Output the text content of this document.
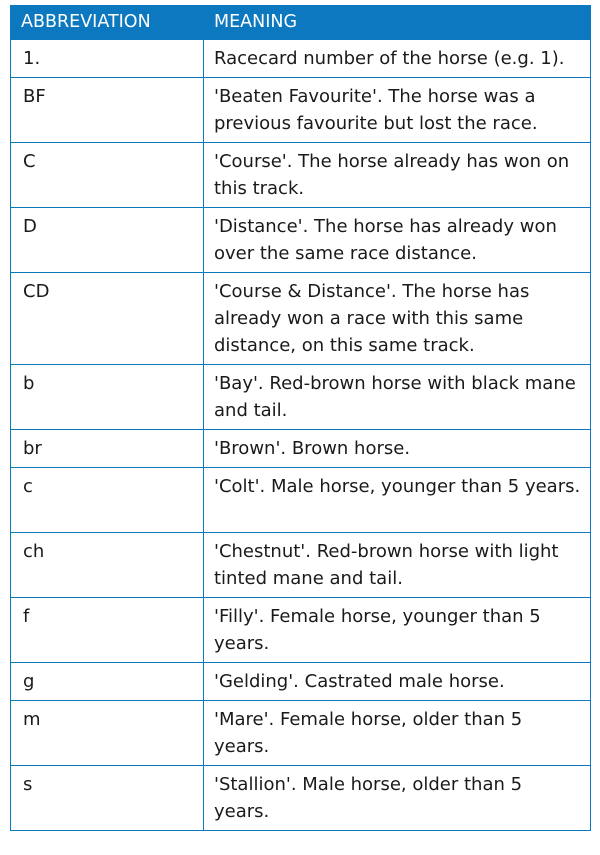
ABBREVIATION	MEANING
1.	Racecard number of the horse (e.g. 1).
BF	'Beaten Favourite'. The horse was a previous favourite but lost the race.
C	'Course'. The horse already has won on this track.
D	'Distance'. The horse has already won over the same race distance.
CD	'Course & Distance'. The horse has already won a race with this same distance, on this same track.
b	'Bay'. Red-brown horse with black mane and tail.
br	'Brown'. Brown horse.
c	'Colt'. Male horse, younger than 5 years.
ch	'Chestnut'. Red-brown horse with light tinted mane and tail.
f	'Filly'. Female horse, younger than 5 years.
g	'Gelding'. Castrated male horse.
m	'Mare'. Female horse, older than 5 years.
s	'Stallion'. Male horse, older than 5 years.
